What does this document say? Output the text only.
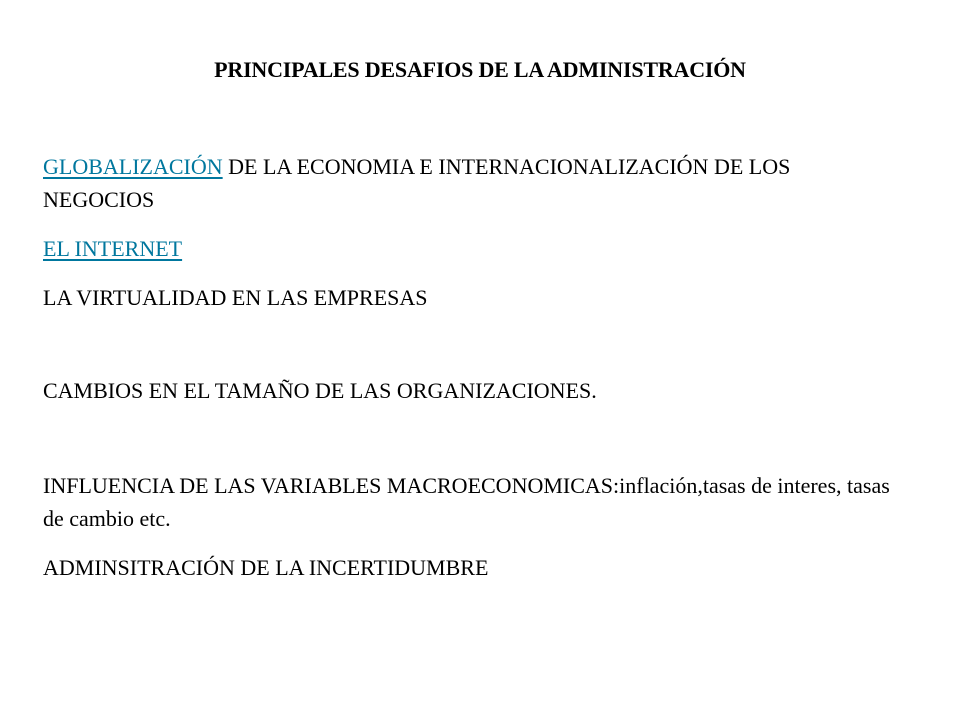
PRINCIPALES DESAFIOS DE LA ADMINISTRACIÓN

GLOBALIZACIÓN DE LA ECONOMIA E INTERNACIONALIZACIÓN DE LOS NEGOCIOS

EL INTERNET

LA VIRTUALIDAD EN LAS EMPRESAS

CAMBIOS EN EL TAMAÑO DE LAS ORGANIZACIONES.

INFLUENCIA DE LAS VARIABLES MACROECONOMICAS:inflación,tasas de interes, tasas de cambio etc.

ADMINSITRACIÓN DE LA INCERTIDUMBRE
